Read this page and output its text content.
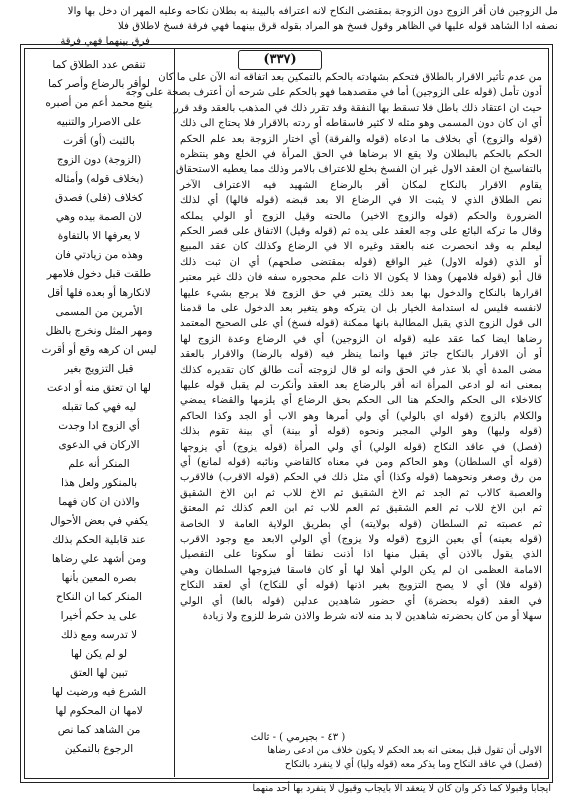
مل الزوجين فان أقر الزوج دون الزوجة بمقتضى النكاح لانه اعترافه بالبينة به بطلان نكاحه وعليه المهر ان دخل بها والا
نصفه ادا الشاهد قوله عليها في الظاهر وقول فسخ هو المراد بقوله قرق بينهما فهي فرقة فسخ لاطلاق فلا
فرق بينهما فهي فرقة
(٣٣٧)
تنقص عدد الطلاق كما
لوأقر بالرضاع وأصر كما
يتبع محمد أعم من أصبره
على الاصرار والتنبيه
بالثبت (أو) أقرت
(الزوجة) دون الزوج
(بخلاف قوله) وأمثاله
كخلاف (فلى) فصدق
لان الصمة بيده وهي
لا يعرفها الا بالتفاوة
وهذه من زيادتي فان
طلقت قبل دخول فلامهر
لانكارها أو بعده فلها أقل
الأمرين من المسمى
ومهر المثل ونخرج بالظل
ليس ان كرهه وقع أو أقرت
قبل التزويج بغير
لها ان تعتق منه أو ادعت
ليه فهي كما تقبله
أي الزوج ادا وجدت
الاركان في الدعوى
المنكر أنه علم
بالمنكور ولعل هذا
والاذن ان كان فهما
يكفي في بعض الأحوال
عند قابلية الحكم بذلك
ومن أشهد علي رضاها
بصره المعين بأنها
المنكر كما ان النكاح
على يد حكم أخيرا
لا تدرسه ومع ذلك
لو لم يكن لها
تبين لها العتق
الشرع فيه ورضيت لها
لامها ان المحكوم لها
من الشاهد كما نص
الرجوع بالتمكين
من عدم تأثير الاقرار بالطلاق فتحكم بشهادته بالحكم بالتمكين بعد اتفاقه انه الآن على ما كان
أدون تأمل (قوله على الزوجين) أما في مقصدهما فهو بالحكم على شرحه أن أعترف بصحة على وجه
حيث ان اعتقاد ذلك باطل فلا تسقط بها النفقة وقد تقرر ذلك في المذهب بالعقد وقد قرر
أي ان كان دون المسمى وهو مثله لا كثير فاسقاطه أو ردته بالاقرار فلا يحتاج الى ذلك
(قوله والزوج) أي بخلاف ما ادعاه (قوله والفرقة) أي اختار الزوجة بعد علم الحكم
الحكم بالحكم بالبطلان ولا يقع الا برضاها في الحق المرأة في الخلع وهو ينتظره
بالتفاسيخ ان العقد الاول غير ان الفسخ بخلع للاعتراف بالامر وذلك مما يعطيه الاستحقاق
يقاوم الاقرار بالنكاح لمكان أقر بالرضاع الشهيد فيه الاعتراف الآخر
نص الطلاق الذي لا يثبت الا في الرضاع الا بعد قبضه (قوله قالها) أي لذلك
الضرورة والحكم (قوله والزوج الاخير) مالحته وقيل الزوج أو الولي يملكه
وقال ما تركه البائع على وجه العقد على يده ثم (قوله وقيل) الاتفاق على قصر الحكم
ليعلم به وقد انحصرت عنه بالعقد وغيره الا في الرضاع وكذلك كان عقد المبيع
أو الذي (قوله الاول) غير الواقع (قوله بمقتضى صلحهم) أي ان ثبت ذلك
قال أبو (قوله فلامهر) وهذا لا يكون الا ذات علم محجوره سفه فان ذلك غير معتبر
اقرارها بالنكاح والدخول بها بعد ذلك يعتبر في حق الزوج فلا يرجع بشيء عليها
لانفسه فليس له استدامة الخيار بل ان يتركه وهو يتغير بعد الدخول على ما قدمنا
الى قول الزوج الذي يقبل المطالبة بانها ممكنة (قوله فسخ) أي على الصحيح المعتمد
رضاها ايضا كما عقد عليه (قوله ان الزوجين) أي في الرضاع وعدة الزوج لها
أو أن الاقرار بالنكاح جائز فيها وانما ينظر فيه (قوله بالرضا) والاقرار بالعقد
مضى المدة أي بلا عذر في الحق وانه لو قال لزوجته أنت طالق كان تقديره كذلك
بمعنى انه لو ادعى المرأة انه أقر بالرضاع بعد العقد وأنكرت لم يقبل قوله عليها
كالاخلاء الى الحكم والحكم هنا الى الحكم بحق الرضاع أي يلزمها والقضاء يمضي
والكلام بالزوج (قوله اي بالولي) أي ولي أمرها وهو الاب أو الجد وكذا الحاكم
(قوله وليها) وهو الولي المجبر ونحوه (قوله أو بينة) أي بينة تقوم بذلك
(فصل) في عاقد النكاح (قوله الولي) أي ولي المرأة (قوله يزوج) أي يزوجها
(قوله أي السلطان) وهو الحاكم ومن في معناه كالقاضي ونائبه (قوله لمانع) أي
من رق وصغر ونحوهما (قوله وكذا) أي مثل ذلك في الحكم (قوله الاقرب) فالاقرب
والعصبة كالاب ثم الجد ثم الاخ الشقيق ثم الاخ للاب ثم ابن الاخ الشقيق
ثم ابن الاخ للاب ثم العم الشقيق ثم العم للاب ثم ابن العم كذلك ثم المعتق
ثم عصبته ثم السلطان (قوله بولايته) أي بطريق الولاية العامة لا الخاصة
(قوله بعينه) أي بعين الزوج (قوله ولا يزوج) أي الولي الابعد مع وجود الاقرب
الذي يقول بالاذن أي يقبل منها اذا أذنت نطقا أو سكوتا على التفصيل
الامامة العظمى ان لم يكن الولي أهلا لها أو كان فاسقا فيزوجها السلطان وهي
(قوله فلا) أي لا يصح التزويج بغير اذنها (قوله أي للنكاح) أي لعقد النكاح
في العقد (قوله بحضرة) أي حضور شاهدين عدلين (قوله بالغا) أي الولي
سهلا أو من كان بحضرته شاهدين لا بد منه لانه شرط والاذن شرط للزوج ولا زيادة
الاولى أن تقول قبل بمعنى انه بعد الحكم لا يكون خلاف من ادعى رضاها
(فصل) في عاقد النكاح وما يذكر معه (قوله وليا) أي لا ينفرد بالنكاح
( ٤٣ - بجيرمي ) - ثالث
ايجابا وقبولا كما ذكر وان كان لا ينعقد الا بايجاب وقبول لا ينفرد بها أحد منهما
